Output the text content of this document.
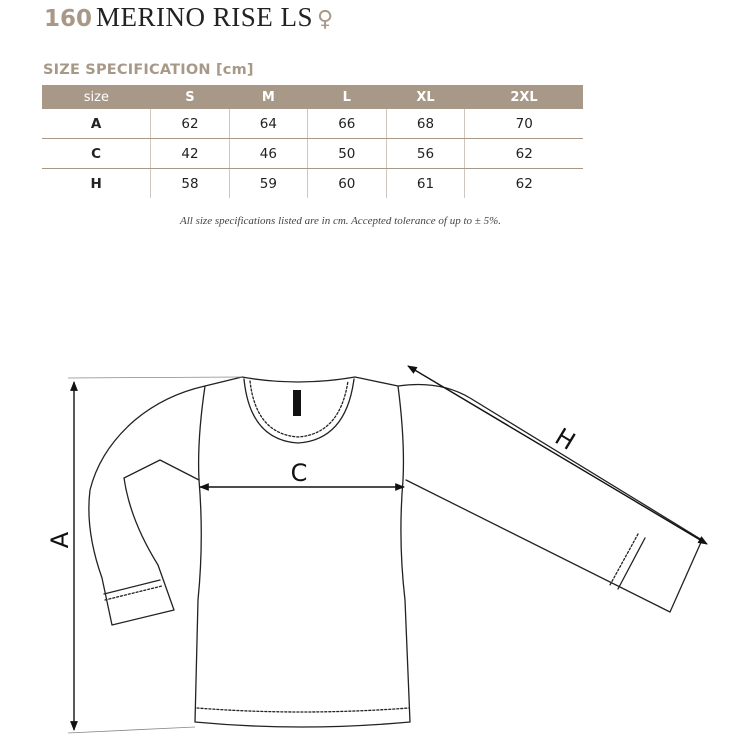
160 MERINO RISE LS ♀
SIZE SPECIFICATION [cm]
size	S	M	L	XL	2XL
A	62	64	66	68	70
C	42	46	50	56	62
H	58	59	60	61	62
All size specifications listed are in cm. Accepted tolerance of up to ± 5%.
A
C
H
